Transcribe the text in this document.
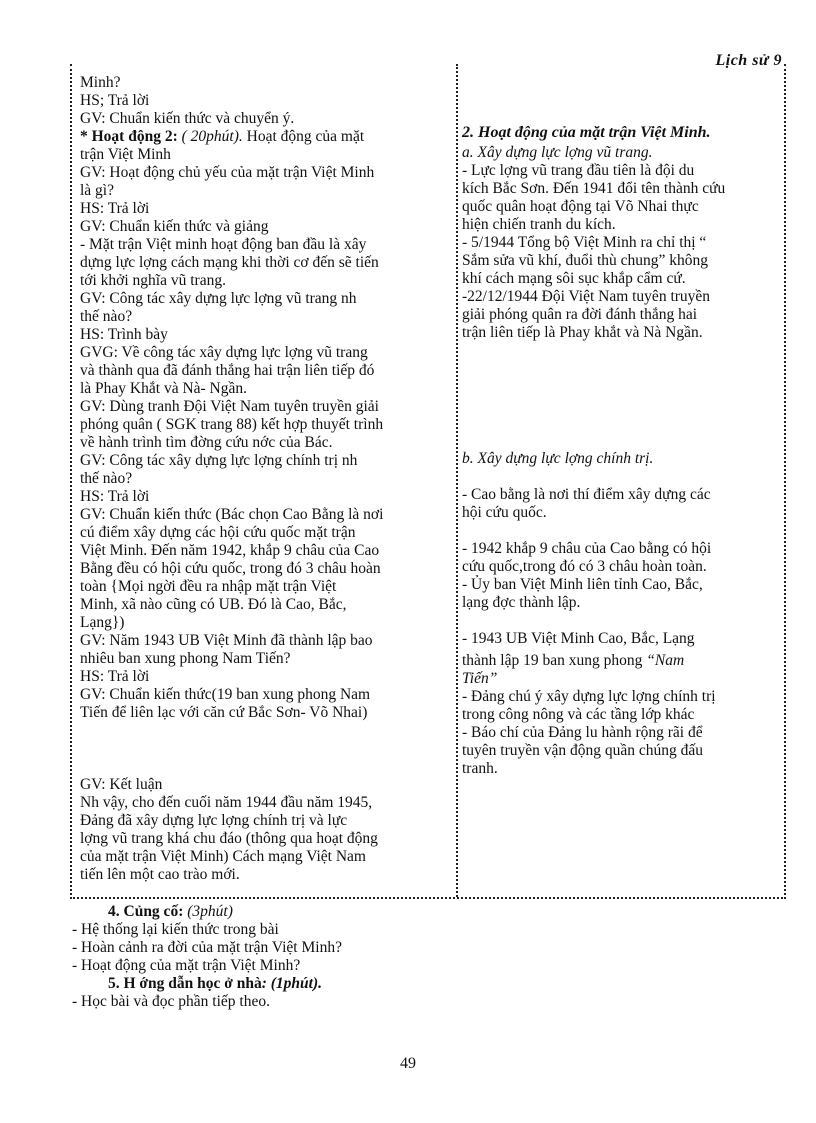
Lịch sử 9
Minh?
HS; Trả lời
GV: Chuẩn kiến thức và chuyển ý.
* Hoạt động 2: ( 20phút). Hoạt động của mặt
trận Việt Minh
GV: Hoạt động chủ yếu của mặt trận Việt Minh
là gì?
HS: Trả lời
GV: Chuẩn kiến thức và giảng
- Mặt trận Việt minh hoạt động ban đầu là xây
dựng lực lợng cách mạng khi thời cơ đến sẽ tiến
tới khởi nghĩa vũ trang.
GV: Công tác xây dựng lực lợng vũ trang nh
thế nào?
HS: Trình bày
GVG: Về công tác xây dựng lực lợng vũ trang
và thành qua đã đánh thắng hai trận liên tiếp đó
là Phay Khắt và Nà- Ngần.
GV: Dùng tranh Đội Việt Nam tuyên truyền giải
phóng quân ( SGK trang 88) kết hợp thuyết trình
về hành trình tìm đờng cứu nớc của Bác.
GV: Công tác xây dựng lực lợng chính trị nh
thế nào?
HS: Trả lời
GV: Chuẩn kiến thức (Bác chọn Cao Bằng là nơi
cú điểm xây dựng các hội cứu quốc mặt trận
Việt Minh. Đến năm 1942, khắp 9 châu của Cao
Bằng đều có hội cứu quốc, trong đó 3 châu hoàn
toàn {Mọi ngời đều ra nhập mặt trận Việt
Minh, xã nào cũng có UB. Đó là Cao, Bắc,
Lạng})
GV: Năm 1943 UB Việt Minh đã thành lập bao
nhiêu ban xung phong Nam Tiến?
HS: Trả lời
GV: Chuẩn kiến thức(19 ban xung phong Nam
Tiến để liên lạc với căn cứ Bắc Sơn- Võ Nhai)
GV: Kết luận
Nh vậy, cho đến cuối năm 1944 đầu năm 1945,
Đảng đã xây dựng lực lợng chính trị và lực
lợng vũ trang khá chu đáo (thông qua hoạt động
của mặt trận Việt Minh) Cách mạng Việt Nam
tiến lên một cao trào mới.
2. Hoạt động của mặt trận Việt Minh.
a. Xây dựng lực lợng vũ trang.
- Lực lợng vũ trang đầu tiên là đội du
kích Bắc Sơn. Đến 1941 đổi tên thành cứu
quốc quân hoạt động tại Võ Nhai thực
hiện chiến tranh du kích.
- 5/1944 Tổng bộ Việt Minh ra chỉ thị “
Sắm sửa vũ khí, đuổi thù chung” không
khí cách mạng sôi sục khắp cẩm cứ.
-22/12/1944 Đội Việt Nam tuyên truyền
giải phóng quân ra đời đánh thắng hai
trận liên tiếp là Phay khắt và Nà Ngần.
b. Xây dựng lực lợng chính trị.
- Cao bằng là nơi thí điểm xây dựng các
hội cứu quốc.
- 1942 khắp 9 châu của Cao bằng có hội
cứu quốc,trong đó có 3 châu hoàn toàn.
- Ủy ban Việt Minh liên tỉnh Cao, Bắc,
lạng đợc thành lập.
- 1943 UB Việt Minh Cao, Bắc, Lạng
thành lập 19 ban xung phong “Nam
Tiến”
- Đảng chú ý xây dựng lực lợng chính trị
trong công nông và các tầng lớp khác
- Báo chí của Đảng lu hành rộng rãi để
tuyên truyền vận động quần chúng đấu
tranh.
4. Củng cố: (3phút)
- Hệ thống lại kiến thức trong bài
- Hoàn cảnh ra đời của mặt trận Việt Minh?
- Hoạt động của mặt trận Việt Minh?
5. H ớng dẫn học ở nhà: (1phút).
- Học bài và đọc phần tiếp theo.
49
